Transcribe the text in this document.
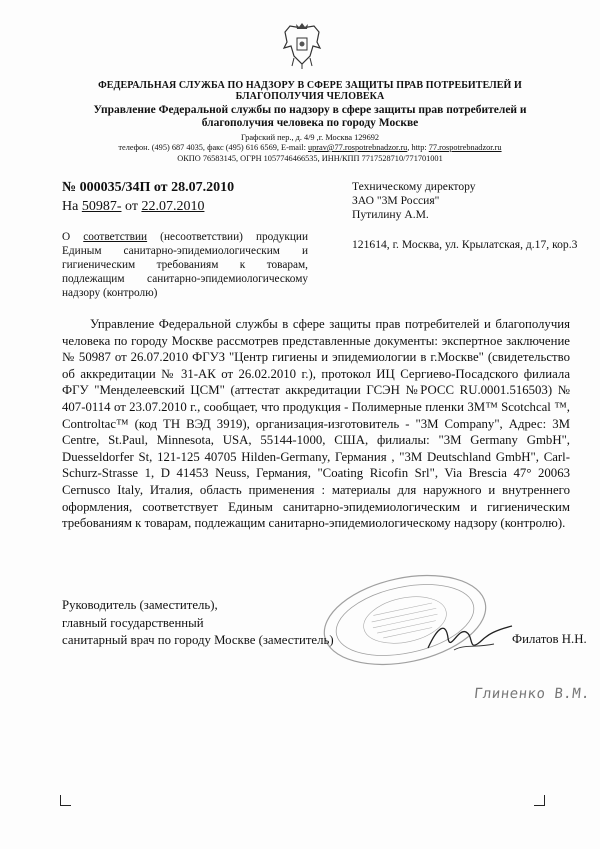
ФЕДЕРАЛЬНАЯ СЛУЖБА ПО НАДЗОРУ В СФЕРЕ ЗАЩИТЫ ПРАВ ПОТРЕБИТЕЛЕЙ И БЛАГОПОЛУЧИЯ ЧЕЛОВЕКА
Управление Федеральной службы по надзору в сфере защиты прав потребителей и благополучия человека по городу Москве
Графский пер., д. 4/9 ,г. Москва 129692
телефон. (495) 687 4035, факс (495) 616 6569, E-mail: uprav@77.rospotrebnadzor.ru, http: 77.rospotrebnadzor.ru
ОКПО 76583145, ОГРН 1057746466535, ИНН/КПП 7717528710/771701001
№ 000035/34П от 28.07.2010
На 50987- от 22.07.2010
О соответствии (несоответствии) продукции Единым санитарно-эпидемиологическим и гигиеническим требованиям к товарам, подлежащим санитарно-эпидемиологическому надзору (контролю)
Техническому директору
ЗАО "3М Россия"
Путилину А.М.
121614, г. Москва, ул. Крылатская, д.17, кор.3

Управление Федеральной службы в сфере защиты прав потребителей и благополучия человека по городу Москве рассмотрев представленные документы: экспертное заключение № 50987 от 26.07.2010 ФГУЗ "Центр гигиены и эпидемиологии в г.Москве" (свидетельство об аккредитации № 31-АК от 26.02.2010 г.), протокол ИЦ Сергиево-Посадского филиала ФГУ "Менделеевский ЦСМ" (аттестат аккредитации ГСЭН №РОСС RU.0001.516503) № 407-0114 от 23.07.2010 г., сообщает, что продукция - Полимерные пленки 3М™ Scotchcal ™, Controltac™ (код ТН ВЭД 3919), организация-изготовитель - "3М Company", Адрес: 3M Centre, St.Paul, Minnesota, USA, 55144-1000, США, филиалы: "3М Germany GmbH", Duesseldorfer St, 121-125 40705 Hilden-Germany, Германия , "3M Deutschland GmbH", Carl-Schurz-Strasse 1, D 41453 Neuss, Германия, "Coating Ricofin Srl", Via Brescia 47° 20063 Cernusco Italy, Италия, область применения : материалы для наружного и внутреннего оформления, соответствует Единым санитарно-эпидемиологическим и гигиеническим требованиям к товарам, подлежащим санитарно-эпидемиологическому надзору (контролю).

Руководитель (заместитель),
главный государственный
санитарный врач по городу Москве (заместитель)	Филатов Н.Н.
Глиненко В.М.
